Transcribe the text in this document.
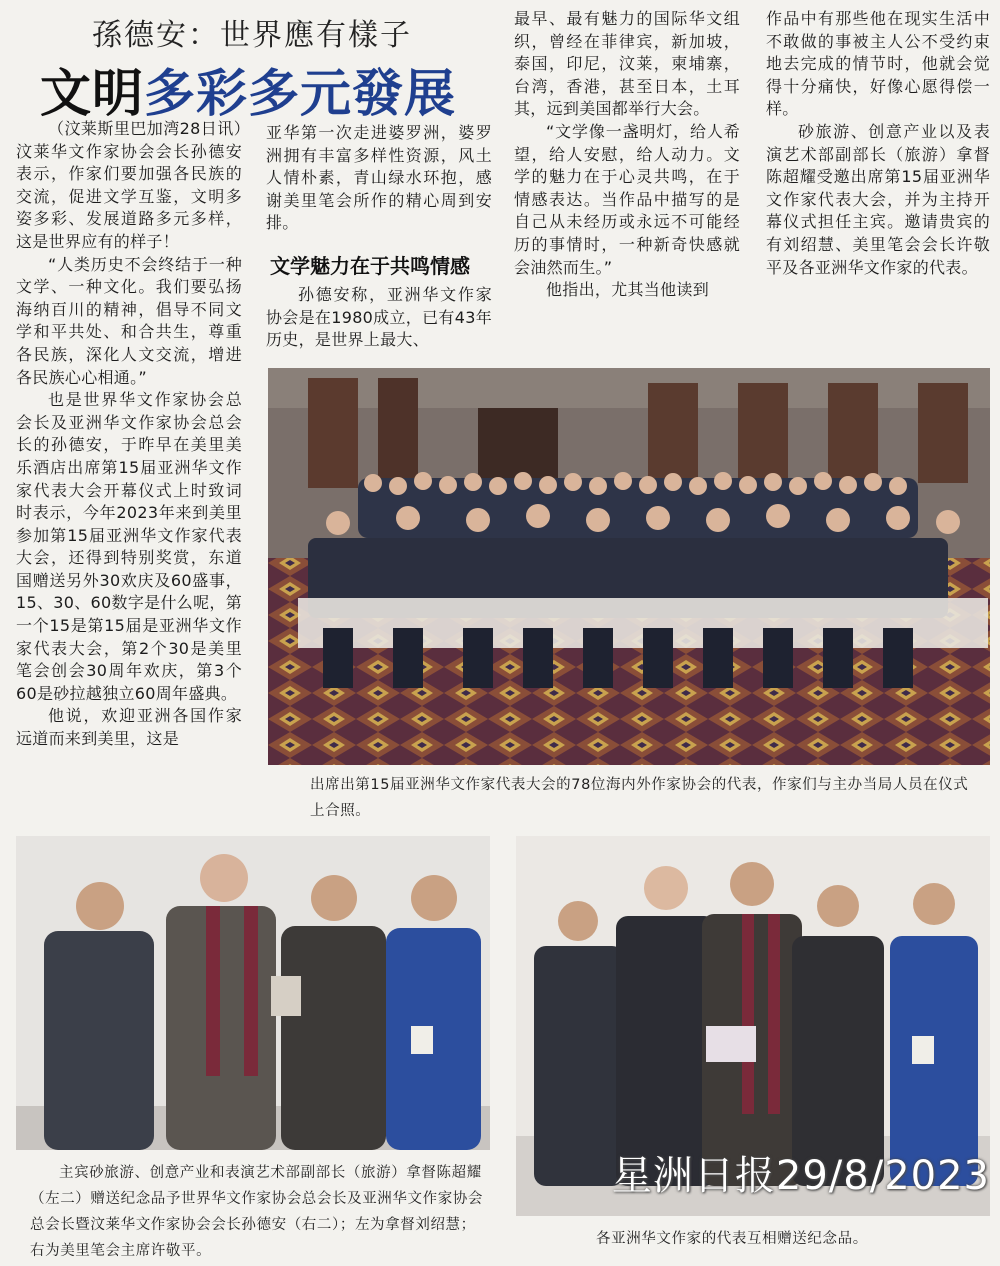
孫德安：世界應有樣子
文明多彩多元發展

（汶莱斯里巴加湾28日讯）汶莱华文作家协会会长孙德安表示，作家们要加强各民族的交流，促进文学互鉴，文明多姿多彩、发展道路多元多样，这是世界应有的样子！

“人类历史不会终结于一种文学、一种文化。我们要弘扬海纳百川的精神，倡导不同文学和平共处、和合共生，尊重各民族，深化人文交流，增进各民族心心相通。”

也是世界华文作家协会总会长及亚洲华文作家协会总会长的孙德安，于昨早在美里美乐酒店出席第15届亚洲华文作家代表大会开幕仪式上时致词时表示，今年2023年来到美里参加第15届亚洲华文作家代表大会，还得到特别奖赏，东道国赠送另外30欢庆及60盛事，15、30、60数字是什么呢，第一个15是第15届是亚洲华文作家代表大会，第2个30是美里笔会创会30周年欢庆，第3个60是砂拉越独立60周年盛典。

他说，欢迎亚洲各国作家远道而来到美里，这是

亚华第一次走进婆罗洲，婆罗洲拥有丰富多样性资源，风土人情朴素，青山绿水环抱，感谢美里笔会所作的精心周到安排。

文学魅力在于共鸣情感

孙德安称，亚洲华文作家协会是在1980成立，已有43年历史，是世界上最大、

最早、最有魅力的国际华文组织，曾经在菲律宾，新加坡，泰国，印尼，汶莱，柬埔寨，台湾，香港，甚至日本，土耳其，远到美国都举行大会。

“文学像一盏明灯，给人希望，给人安慰，给人动力。文学的魅力在于心灵共鸣，在于情感表达。当作品中描写的是自己从未经历或永远不可能经历的事情时，一种新奇快感就会油然而生。”

他指出，尤其当他读到

作品中有那些他在现实生活中不敢做的事被主人公不受约束地去完成的情节时，他就会觉得十分痛快，好像心愿得偿一样。

砂旅游、创意产业以及表演艺术部副部长（旅游）拿督陈超耀受邀出席第15届亚洲华文作家代表大会，并为主持开幕仪式担任主宾。邀请贵宾的有刘绍慧、美里笔会会长许敬平及各亚洲华文作家的代表。

出席出第15届亚洲华文作家代表大会的78位海内外作家协会的代表，作家们与主办当局人员在仪式上合照。
主宾砂旅游、创意产业和表演艺术部副部长（旅游）拿督陈超耀（左二）赠送纪念品予世界华文作家协会总会长及亚洲华文作家协会总会长暨汶莱华文作家协会会长孙德安（右二）；左为拿督刘绍慧；右为美里笔会主席许敬平。
星洲日报29/8/2023
各亚洲华文作家的代表互相赠送纪念品。
